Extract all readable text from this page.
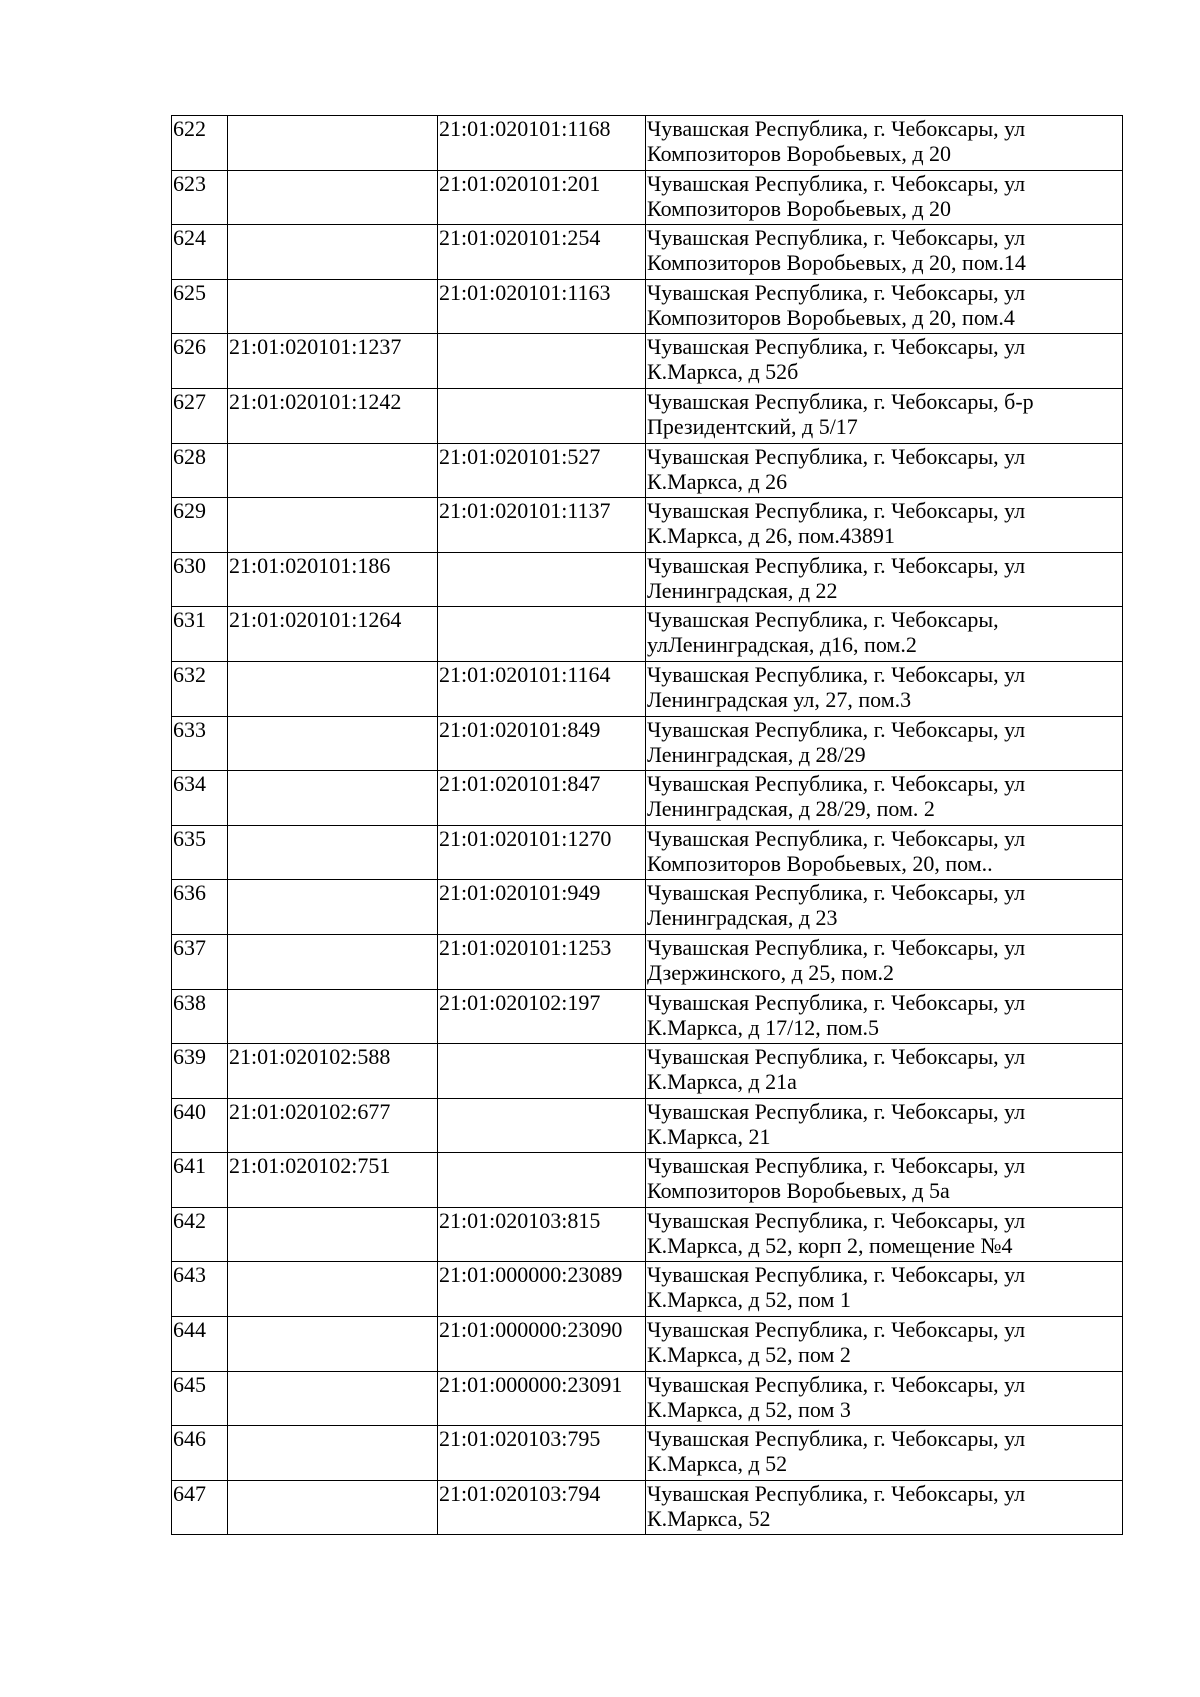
622		21:01:020101:1168	Чувашская Республика, г. Чебоксары, ул Композиторов Воробьевых, д 20
623		21:01:020101:201	Чувашская Республика, г. Чебоксары, ул Композиторов Воробьевых, д 20
624		21:01:020101:254	Чувашская Республика, г. Чебоксары, ул Композиторов Воробьевых, д 20, пом.14
625		21:01:020101:1163	Чувашская Республика, г. Чебоксары, ул Композиторов Воробьевых, д 20, пом.4
626	21:01:020101:1237		Чувашская Республика, г. Чебоксары, ул К.Маркса, д 52б
627	21:01:020101:1242		Чувашская Республика, г. Чебоксары, б-р Президентский, д 5/17
628		21:01:020101:527	Чувашская Республика, г. Чебоксары, ул К.Маркса, д 26
629		21:01:020101:1137	Чувашская Республика, г. Чебоксары, ул К.Маркса, д 26, пом.43891
630	21:01:020101:186		Чувашская Республика, г. Чебоксары, ул Ленинградская, д 22
631	21:01:020101:1264		Чувашская Республика, г. Чебоксары, улЛенинградская, д16, пом.2
632		21:01:020101:1164	Чувашская Республика, г. Чебоксары, ул Ленинградская ул, 27, пом.3
633		21:01:020101:849	Чувашская Республика, г. Чебоксары, ул Ленинградская, д 28/29
634		21:01:020101:847	Чувашская Республика, г. Чебоксары, ул Ленинградская, д 28/29, пом. 2
635		21:01:020101:1270	Чувашская Республика, г. Чебоксары, ул Композиторов Воробьевых, 20, пом..
636		21:01:020101:949	Чувашская Республика, г. Чебоксары, ул Ленинградская, д 23
637		21:01:020101:1253	Чувашская Республика, г. Чебоксары, ул Дзержинского, д 25, пом.2
638		21:01:020102:197	Чувашская Республика, г. Чебоксары, ул К.Маркса, д 17/12, пом.5
639	21:01:020102:588		Чувашская Республика, г. Чебоксары, ул К.Маркса, д 21а
640	21:01:020102:677		Чувашская Республика, г. Чебоксары, ул К.Маркса, 21
641	21:01:020102:751		Чувашская Республика, г. Чебоксары, ул Композиторов Воробьевых, д 5а
642		21:01:020103:815	Чувашская Республика, г. Чебоксары, ул К.Маркса, д 52, корп 2, помещение №4
643		21:01:000000:23089	Чувашская Республика, г. Чебоксары, ул К.Маркса, д 52, пом 1
644		21:01:000000:23090	Чувашская Республика, г. Чебоксары, ул К.Маркса, д 52, пом 2
645		21:01:000000:23091	Чувашская Республика, г. Чебоксары, ул К.Маркса, д 52, пом 3
646		21:01:020103:795	Чувашская Республика, г. Чебоксары, ул К.Маркса, д 52
647		21:01:020103:794	Чувашская Республика, г. Чебоксары, ул К.Маркса, 52
